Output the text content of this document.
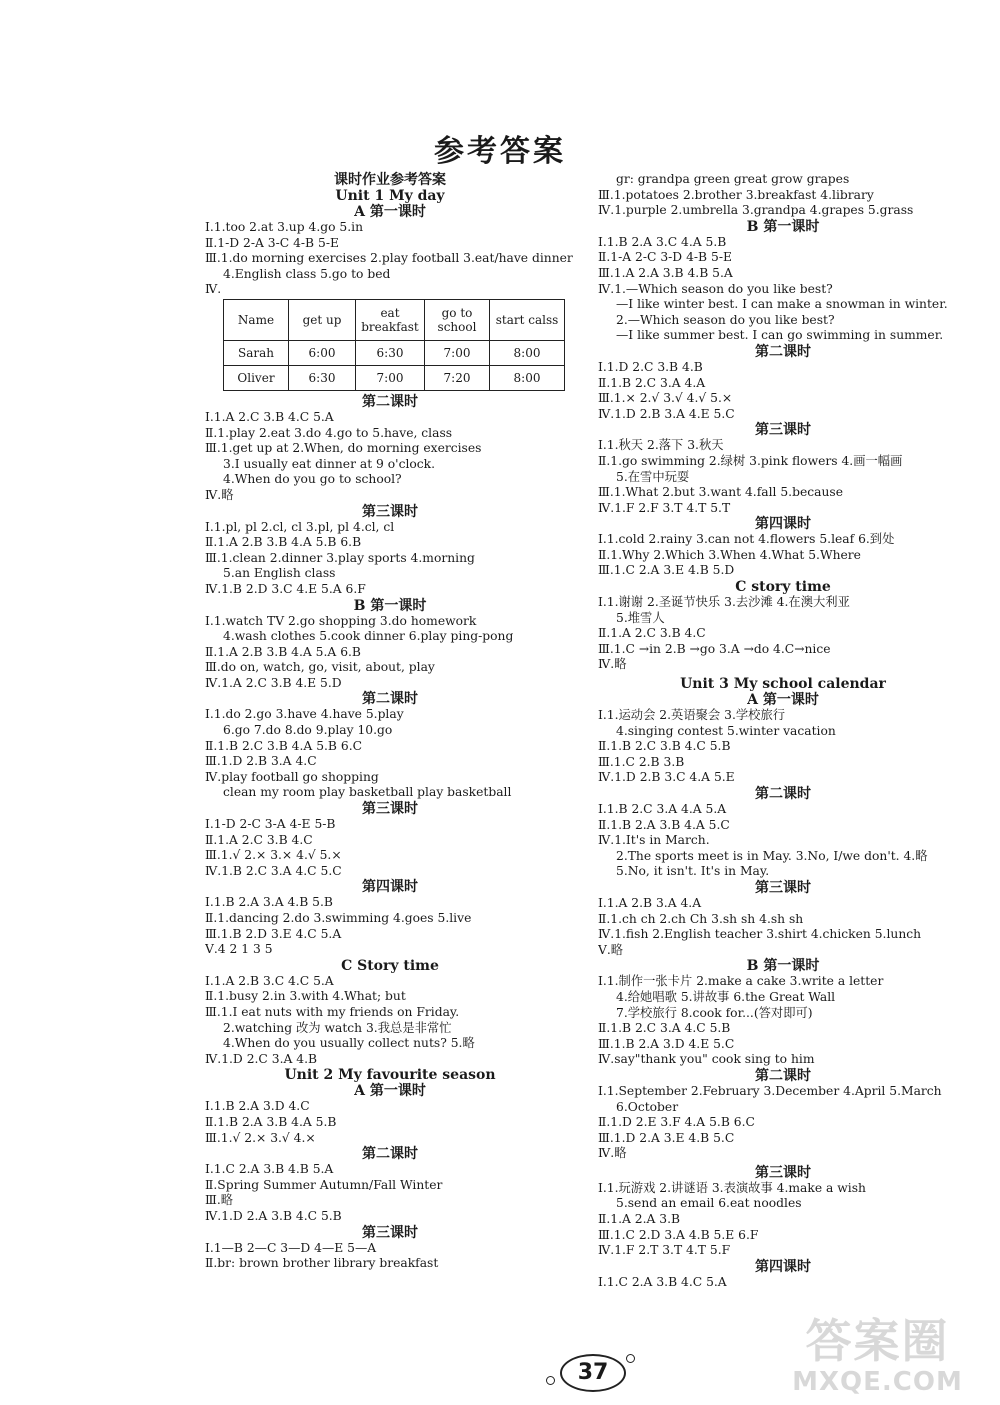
参考答案
课时作业参考答案
Unit 1 My day
A 第一课时
Ⅰ.1.too 2.at 3.up 4.go 5.in
Ⅱ.1-D 2-A 3-C 4-B 5-E
Ⅲ.1.do morning exercises 2.play football 3.eat/have dinner
4.English class 5.go to bed
Ⅳ.
Name	get up	eat breakfast	go to school	start calss
Sarah	6:00	6:30	7:00	8:00
Oliver	6:30	7:00	7:20	8:00
第二课时
Ⅰ.1.A 2.C 3.B 4.C 5.A
Ⅱ.1.play 2.eat 3.do 4.go to 5.have, class
Ⅲ.1.get up at 2.When, do morning exercises
3.I usually eat dinner at 9 o'clock.
4.When do you go to school?
Ⅳ.略
第三课时
Ⅰ.1.pl, pl 2.cl, cl 3.pl, pl 4.cl, cl
Ⅱ.1.A 2.B 3.B 4.A 5.B 6.B
Ⅲ.1.clean 2.dinner 3.play sports 4.morning
5.an English class
Ⅳ.1.B 2.D 3.C 4.E 5.A 6.F
B 第一课时
Ⅰ.1.watch TV 2.go shopping 3.do homework
4.wash clothes 5.cook dinner 6.play ping-pong
Ⅱ.1.A 2.B 3.B 4.A 5.A 6.B
Ⅲ.do on, watch, go, visit, about, play
Ⅳ.1.A 2.C 3.B 4.E 5.D
第二课时
Ⅰ.1.do 2.go 3.have 4.have 5.play
6.go 7.do 8.do 9.play 10.go
Ⅱ.1.B 2.C 3.B 4.A 5.B 6.C
Ⅲ.1.D 2.B 3.A 4.C
Ⅳ.play football go shopping
clean my room play basketball play basketball
第三课时
Ⅰ.1-D 2-C 3-A 4-E 5-B
Ⅱ.1.A 2.C 3.B 4.C
Ⅲ.1.√ 2.× 3.× 4.√ 5.×
Ⅳ.1.B 2.C 3.A 4.C 5.C
第四课时
Ⅰ.1.B 2.A 3.A 4.B 5.B
Ⅱ.1.dancing 2.do 3.swimming 4.goes 5.live
Ⅲ.1.B 2.D 3.E 4.C 5.A
Ⅴ.4 2 1 3 5
C Story time
Ⅰ.1.A 2.B 3.C 4.C 5.A
Ⅱ.1.busy 2.in 3.with 4.What; but
Ⅲ.1.I eat nuts with my friends on Friday.
2.watching 改为 watch 3.我总是非常忙
4.When do you usually collect nuts? 5.略
Ⅳ.1.D 2.C 3.A 4.B
Unit 2 My favourite season
A 第一课时
Ⅰ.1.B 2.A 3.D 4.C
Ⅱ.1.B 2.A 3.B 4.A 5.B
Ⅲ.1.√ 2.× 3.√ 4.×
第二课时
Ⅰ.1.C 2.A 3.B 4.B 5.A
Ⅱ.Spring Summer Autumn/Fall Winter
Ⅲ.略
Ⅳ.1.D 2.A 3.B 4.C 5.B
第三课时
Ⅰ.1—B 2—C 3—D 4—E 5—A
Ⅱ.br: brown brother library breakfast
gr: grandpa green great grow grapes
Ⅲ.1.potatoes 2.brother 3.breakfast 4.library
Ⅳ.1.purple 2.umbrella 3.grandpa 4.grapes 5.grass
B 第一课时
Ⅰ.1.B 2.A 3.C 4.A 5.B
Ⅱ.1-A 2-C 3-D 4-B 5-E
Ⅲ.1.A 2.A 3.B 4.B 5.A
Ⅳ.1.—Which season do you like best?
—I like winter best. I can make a snowman in winter.
2.—Which season do you like best?
—I like summer best. I can go swimming in summer.
第二课时
Ⅰ.1.D 2.C 3.B 4.B
Ⅱ.1.B 2.C 3.A 4.A
Ⅲ.1.× 2.√ 3.√ 4.√ 5.×
Ⅳ.1.D 2.B 3.A 4.E 5.C
第三课时
Ⅰ.1.秋天 2.落下 3.秋天
Ⅱ.1.go swimming 2.绿树 3.pink flowers 4.画一幅画
5.在雪中玩耍
Ⅲ.1.What 2.but 3.want 4.fall 5.because
Ⅳ.1.F 2.F 3.T 4.T 5.T
第四课时
Ⅰ.1.cold 2.rainy 3.can not 4.flowers 5.leaf 6.到处
Ⅱ.1.Why 2.Which 3.When 4.What 5.Where
Ⅲ.1.C 2.A 3.E 4.B 5.D
C story time
Ⅰ.1.谢谢 2.圣诞节快乐 3.去沙滩 4.在澳大利亚
5.堆雪人
Ⅱ.1.A 2.C 3.B 4.C
Ⅲ.1.C →in 2.B →go 3.A →do 4.C→nice
Ⅳ.略
Unit 3 My school calendar
A 第一课时
Ⅰ.1.运动会 2.英语聚会 3.学校旅行
4.singing contest 5.winter vacation
Ⅱ.1.B 2.C 3.B 4.C 5.B
Ⅲ.1.C 2.B 3.B
Ⅳ.1.D 2.B 3.C 4.A 5.E
第二课时
Ⅰ.1.B 2.C 3.A 4.A 5.A
Ⅱ.1.B 2.A 3.B 4.A 5.C
Ⅳ.1.It's in March.
2.The sports meet is in May. 3.No, I/we don't. 4.略
5.No, it isn't. It's in May.
第三课时
Ⅰ.1.A 2.B 3.A 4.A
Ⅱ.1.ch ch 2.ch Ch 3.sh sh 4.sh sh
Ⅳ.1.fish 2.English teacher 3.shirt 4.chicken 5.lunch
Ⅴ.略
B 第一课时
Ⅰ.1.制作一张卡片 2.make a cake 3.write a letter
4.给她唱歌 5.讲故事 6.the Great Wall
7.学校旅行 8.cook for...(答对即可)
Ⅱ.1.B 2.C 3.A 4.C 5.B
Ⅲ.1.B 2.A 3.D 4.E 5.C
Ⅳ.say"thank you" cook sing to him
第二课时
Ⅰ.1.September 2.February 3.December 4.April 5.March
6.October
Ⅱ.1.D 2.E 3.F 4.A 5.B 6.C
Ⅲ.1.D 2.A 3.E 4.B 5.C
Ⅳ.略
第三课时
Ⅰ.1.玩游戏 2.讲谜语 3.表演故事 4.make a wish
5.send an email 6.eat noodles
Ⅱ.1.A 2.A 3.B
Ⅲ.1.C 2.D 3.A 4.B 5.E 6.F
Ⅳ.1.F 2.T 3.T 4.T 5.F
第四课时
Ⅰ.1.C 2.A 3.B 4.C 5.A
37
答案圈
MXQE.COM
